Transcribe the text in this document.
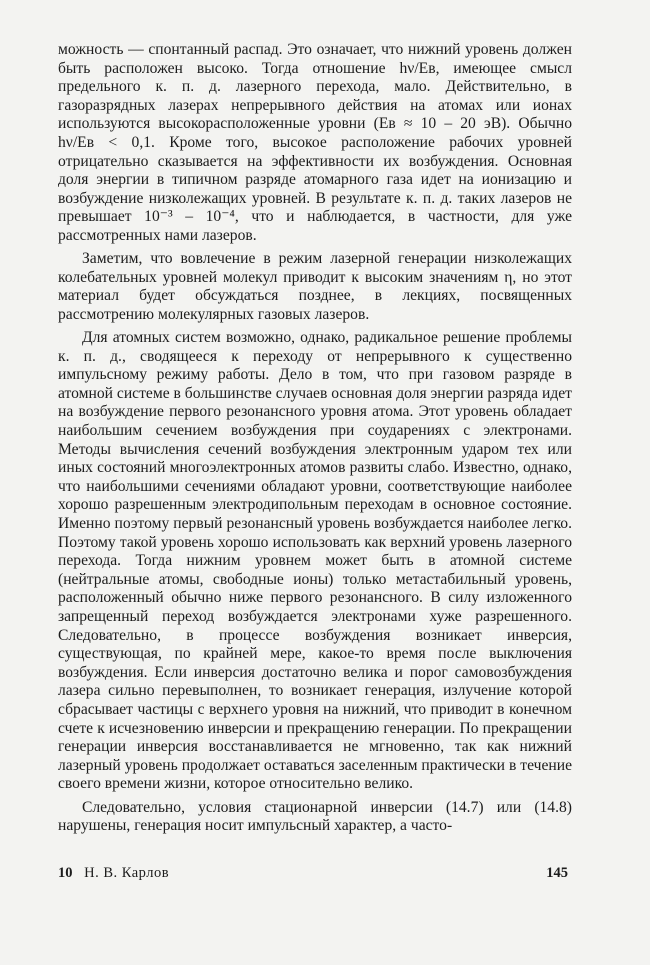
можность — спонтанный распад. Это означает, что нижний уровень должен быть расположен высоко. Тогда отношение hν/Eв, имеющее смысл предельного к. п. д. лазерного перехода, мало. Действительно, в газоразрядных лазерах непрерывного действия на атомах или ионах используются высокорасположенные уровни (Eв ≈ 10 – 20 эВ). Обычно hν/Eв < 0,1. Кроме того, высокое расположение рабочих уровней отрицательно сказывается на эффективности их возбуждения. Основная доля энергии в типичном разряде атомарного газа идет на ионизацию и возбуждение низколежащих уровней. В результате к. п. д. таких лазеров не превышает 10⁻³ – 10⁻⁴, что и наблюдается, в частности, для уже рассмотренных нами лазеров.

Заметим, что вовлечение в режим лазерной генерации низколежащих колебательных уровней молекул приводит к высоким значениям η, но этот материал будет обсуждаться позднее, в лекциях, посвященных рассмотрению молекулярных газовых лазеров.

Для атомных систем возможно, однако, радикальное решение проблемы к. п. д., сводящееся к переходу от непрерывного к существенно импульсному режиму работы. Дело в том, что при газовом разряде в атомной системе в большинстве случаев основная доля энергии разряда идет на возбуждение первого резонансного уровня атома. Этот уровень обладает наибольшим сечением возбуждения при соударениях с электронами. Методы вычисления сечений возбуждения электронным ударом тех или иных состояний многоэлектронных атомов развиты слабо. Известно, однако, что наибольшими сечениями обладают уровни, соответствующие наиболее хорошо разрешенным электродипольным переходам в основное состояние. Именно поэтому первый резонансный уровень возбуждается наиболее легко. Поэтому такой уровень хорошо использовать как верхний уровень лазерного перехода. Тогда нижним уровнем может быть в атомной системе (нейтральные атомы, свободные ионы) только метастабильный уровень, расположенный обычно ниже первого резонансного. В силу изложенного запрещенный переход возбуждается электронами хуже разрешенного. Следовательно, в процессе возбуждения возникает инверсия, существующая, по крайней мере, какое-то время после выключения возбуждения. Если инверсия достаточно велика и порог самовозбуждения лазера сильно перевыполнен, то возникает генерация, излучение которой сбрасывает частицы с верхнего уровня на нижний, что приводит в конечном счете к исчезновению инверсии и прекращению генерации. По прекращении генерации инверсия восстанавливается не мгновенно, так как нижний лазерный уровень продолжает оставаться заселенным практически в течение своего времени жизни, которое относительно велико.

Следовательно, условия стационарной инверсии (14.7) или (14.8) нарушены, генерация носит импульсный характер, а часто-

10 Н. В. Карлов	145
